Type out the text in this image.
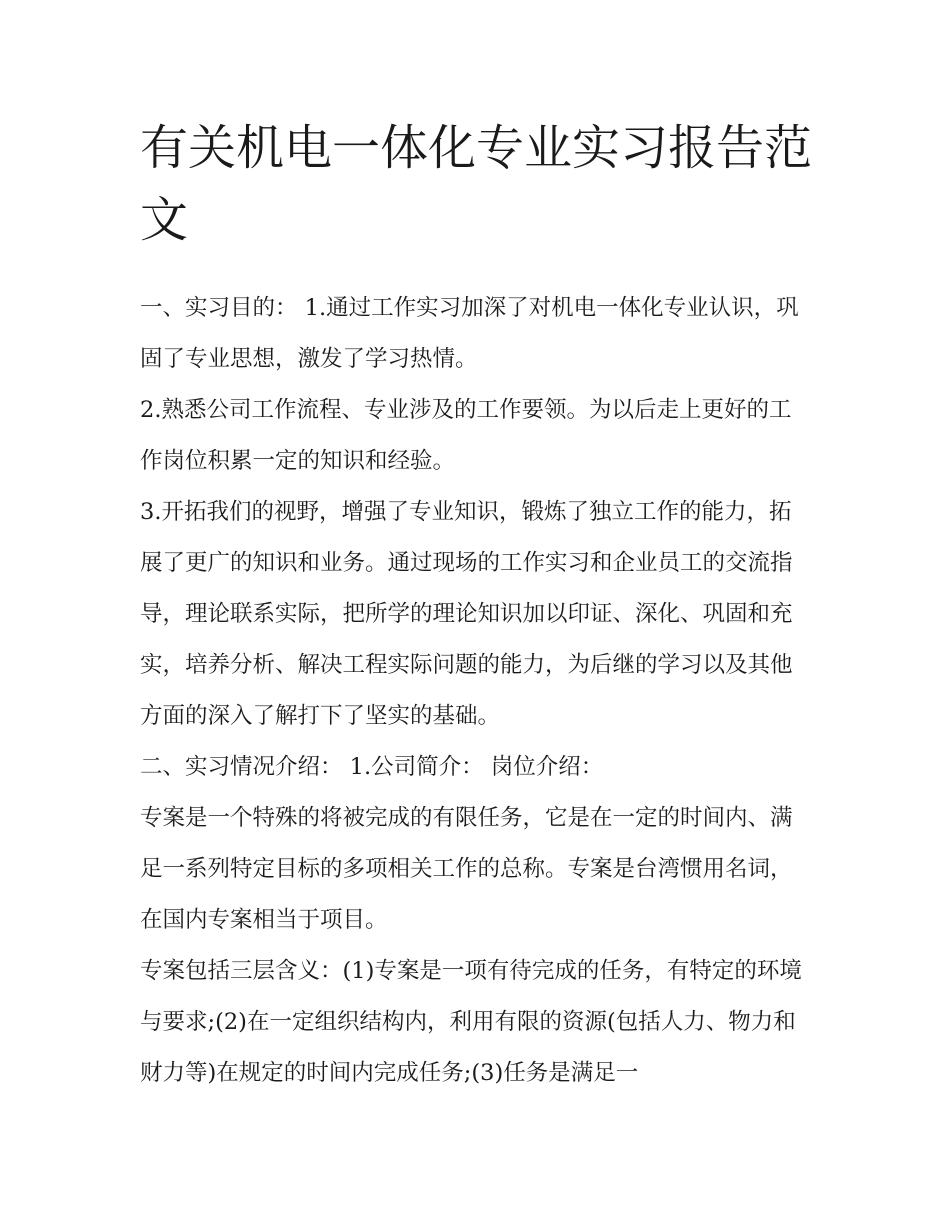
有关机电一体化专业实习报告范文

一、实习目的： 1.通过工作实习加深了对机电一体化专业认识，巩固了专业思想，激发了学习热情。

2.熟悉公司工作流程、专业涉及的工作要领。为以后走上更好的工作岗位积累一定的知识和经验。

3.开拓我们的视野，增强了专业知识，锻炼了独立工作的能力，拓展了更广的知识和业务。通过现场的工作实习和企业员工的交流指导，理论联系实际，把所学的理论知识加以印证、深化、巩固和充实，培养分析、解决工程实际问题的能力，为后继的学习以及其他方面的深入了解打下了坚实的基础。

二、实习情况介绍： 1.公司简介： 岗位介绍：

专案是一个特殊的将被完成的有限任务，它是在一定的时间内、满足一系列特定目标的多项相关工作的总称。专案是台湾惯用名词，在国内专案相当于项目。

专案包括三层含义：(1)专案是一项有待完成的任务，有特定的环境与要求;(2)在一定组织结构内，利用有限的资源(包括人力、物力和财力等)在规定的时间内完成任务;(3)任务是满足一
